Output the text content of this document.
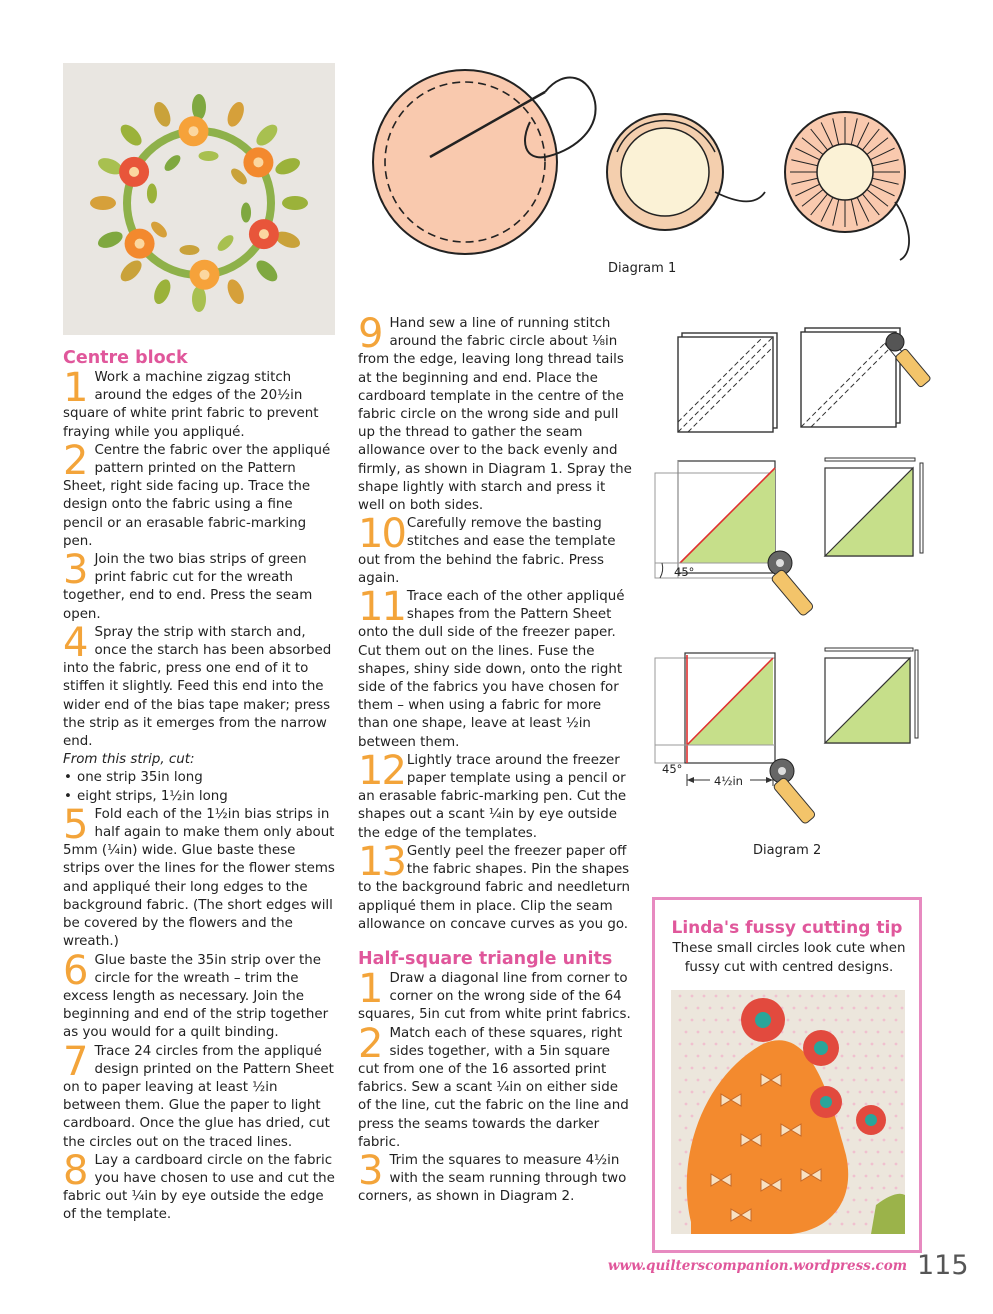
Diagram 1
45°
45°
4½in
Diagram 2
Centre block

1 Work a machine zigzag stitch around the edges of the 20½in square of white print fabric to prevent fraying while you appliqué.

2 Centre the fabric over the appliqué pattern printed on the Pattern Sheet, right side facing up. Trace the design onto the fabric using a fine pencil or an erasable fabric-marking pen.

3 Join the two bias strips of green print fabric cut for the wreath together, end to end. Press the seam open.

4 Spray the strip with starch and, once the starch has been absorbed into the fabric, press one end of it to stiffen it slightly. Feed this end into the wider end of the bias tape maker; press the strip as it emerges from the narrow end.

From this strip, cut:

• one strip 35in long
• eight strips, 1½in long

5 Fold each of the 1½in bias strips in half again to make them only about 5mm (¼in) wide. Glue baste these strips over the lines for the flower stems and appliqué their long edges to the background fabric. (The short edges will be covered by the flowers and the wreath.)

6 Glue baste the 35in strip over the circle for the wreath – trim the excess length as necessary. Join the beginning and end of the strip together as you would for a quilt binding.

7 Trace 24 circles from the appliqué design printed on the Pattern Sheet on to paper leaving at least ½in between them. Glue the paper to light cardboard. Once the glue has dried, cut the circles out on the traced lines.

8 Lay a cardboard circle on the fabric you have chosen to use and cut the fabric out ¼in by eye outside the edge of the template.

9 Hand sew a line of running stitch around the fabric circle about ⅛in from the edge, leaving long thread tails at the beginning and end. Place the cardboard template in the centre of the fabric circle on the wrong side and pull up the thread to gather the seam allowance over to the back evenly and firmly, as shown in Diagram 1. Spray the shape lightly with starch and press it well on both sides.

10 Carefully remove the basting stitches and ease the template out from the behind the fabric. Press again.

11 Trace each of the other appliqué shapes from the Pattern Sheet onto the dull side of the freezer paper. Cut them out on the lines. Fuse the shapes, shiny side down, onto the right side of the fabrics you have chosen for them – when using a fabric for more than one shape, leave at least ½in between them.

12 Lightly trace around the freezer paper template using a pencil or an erasable fabric-marking pen. Cut the shapes out a scant ¼in by eye outside the edge of the templates.

13 Gently peel the freezer paper off the fabric shapes. Pin the shapes to the background fabric and needleturn appliqué them in place. Clip the seam allowance on concave curves as you go.

Half-square triangle units

1 Draw a diagonal line from corner to corner on the wrong side of the 64 squares, 5in cut from white print fabrics.

2 Match each of these squares, right sides together, with a 5in square cut from one of the 16 assorted print fabrics. Sew a scant ¼in on either side of the line, cut the fabric on the line and press the seams towards the darker fabric.

3 Trim the squares to measure 4½in with the seam running through two corners, as shown in Diagram 2.

Linda's fussy cutting tip
These small circles look cute when fussy cut with centred designs.
www.quilterscompanion.wordpress.com 115
